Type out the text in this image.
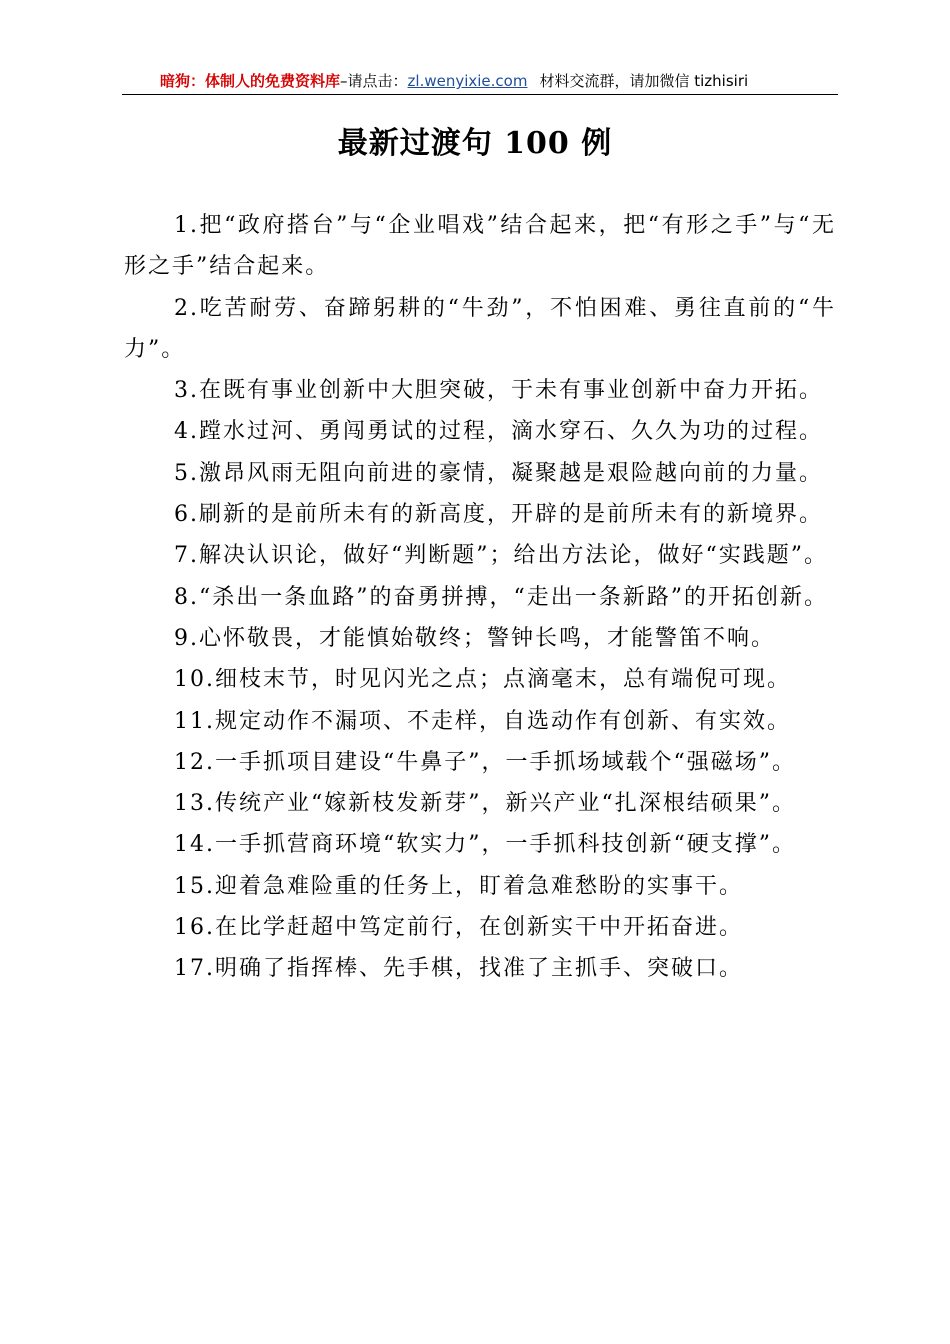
暗狗：体制人的免费资料库–请点击：zl.wenyixie.com 材料交流群，请加微信 tizhisiri
最新过渡句 100 例

1.把“政府搭台”与“企业唱戏”结合起来，把“有形之手”与“无形之手”结合起来。

2.吃苦耐劳、奋蹄躬耕的“牛劲”，不怕困难、勇往直前的“牛力”。

3.在既有事业创新中大胆突破，于未有事业创新中奋力开拓。

4.蹚水过河、勇闯勇试的过程，滴水穿石、久久为功的过程。

5.激昂风雨无阻向前进的豪情，凝聚越是艰险越向前的力量。

6.刷新的是前所未有的新高度，开辟的是前所未有的新境界。

7.解决认识论，做好“判断题”；给出方法论，做好“实践题”。

8.“杀出一条血路”的奋勇拼搏，“走出一条新路”的开拓创新。

9.心怀敬畏，才能慎始敬终；警钟长鸣，才能警笛不响。

10.细枝末节，时见闪光之点；点滴毫末，总有端倪可现。

11.规定动作不漏项、不走样，自选动作有创新、有实效。

12.一手抓项目建设“牛鼻子”，一手抓场域载个“强磁场”。

13.传统产业“嫁新枝发新芽”，新兴产业“扎深根结硕果”。

14.一手抓营商环境“软实力”，一手抓科技创新“硬支撑”。

15.迎着急难险重的任务上，盯着急难愁盼的实事干。

16.在比学赶超中笃定前行，在创新实干中开拓奋进。

17.明确了指挥棒、先手棋，找准了主抓手、突破口。
